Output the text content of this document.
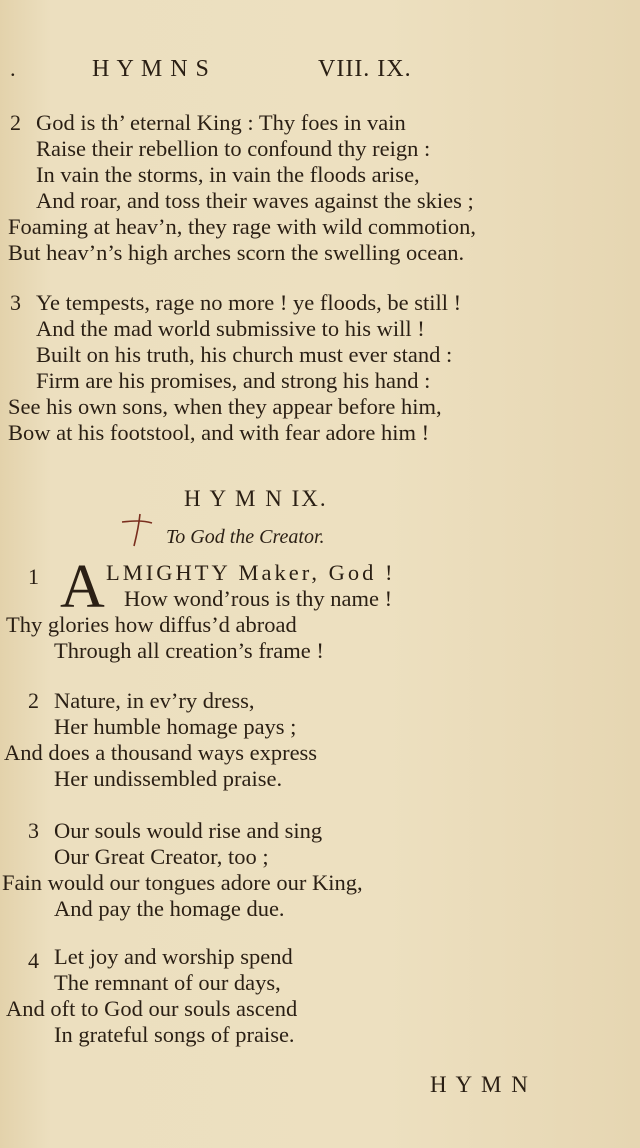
.	H Y M N S	VIII. IX.
2 God is th’ eternal King : Thy foes in vain
Raise their rebellion to confound thy reign :
In vain the storms, in vain the floods arise,
And roar, and toss their waves against the skies ;
Foaming at heav’n, they rage with wild commotion,
But heav’n’s high arches scorn the swelling ocean.
3 Ye tempests, rage no more ! ye floods, be still !
And the mad world submissive to his will !
Built on his truth, his church must ever stand :
Firm are his promises, and strong his hand :
See his own sons, when they appear before him,
Bow at his footstool, and with fear adore him !
H Y M N IX.
To God the Creator.
1 A LMIGHTY Maker, God !
How wond’rous is thy name !
Thy glories how diffus’d abroad
Through all creation’s frame !
2 Nature, in ev’ry dress,
Her humble homage pays ;
And does a thousand ways express
Her undissembled praise.
3 Our souls would rise and sing
Our Great Creator, too ;
Fain would our tongues adore our King,
And pay the homage due.
4 Let joy and worship spend
The remnant of our days,
And oft to God our souls ascend
In grateful songs of praise.
H Y M N
